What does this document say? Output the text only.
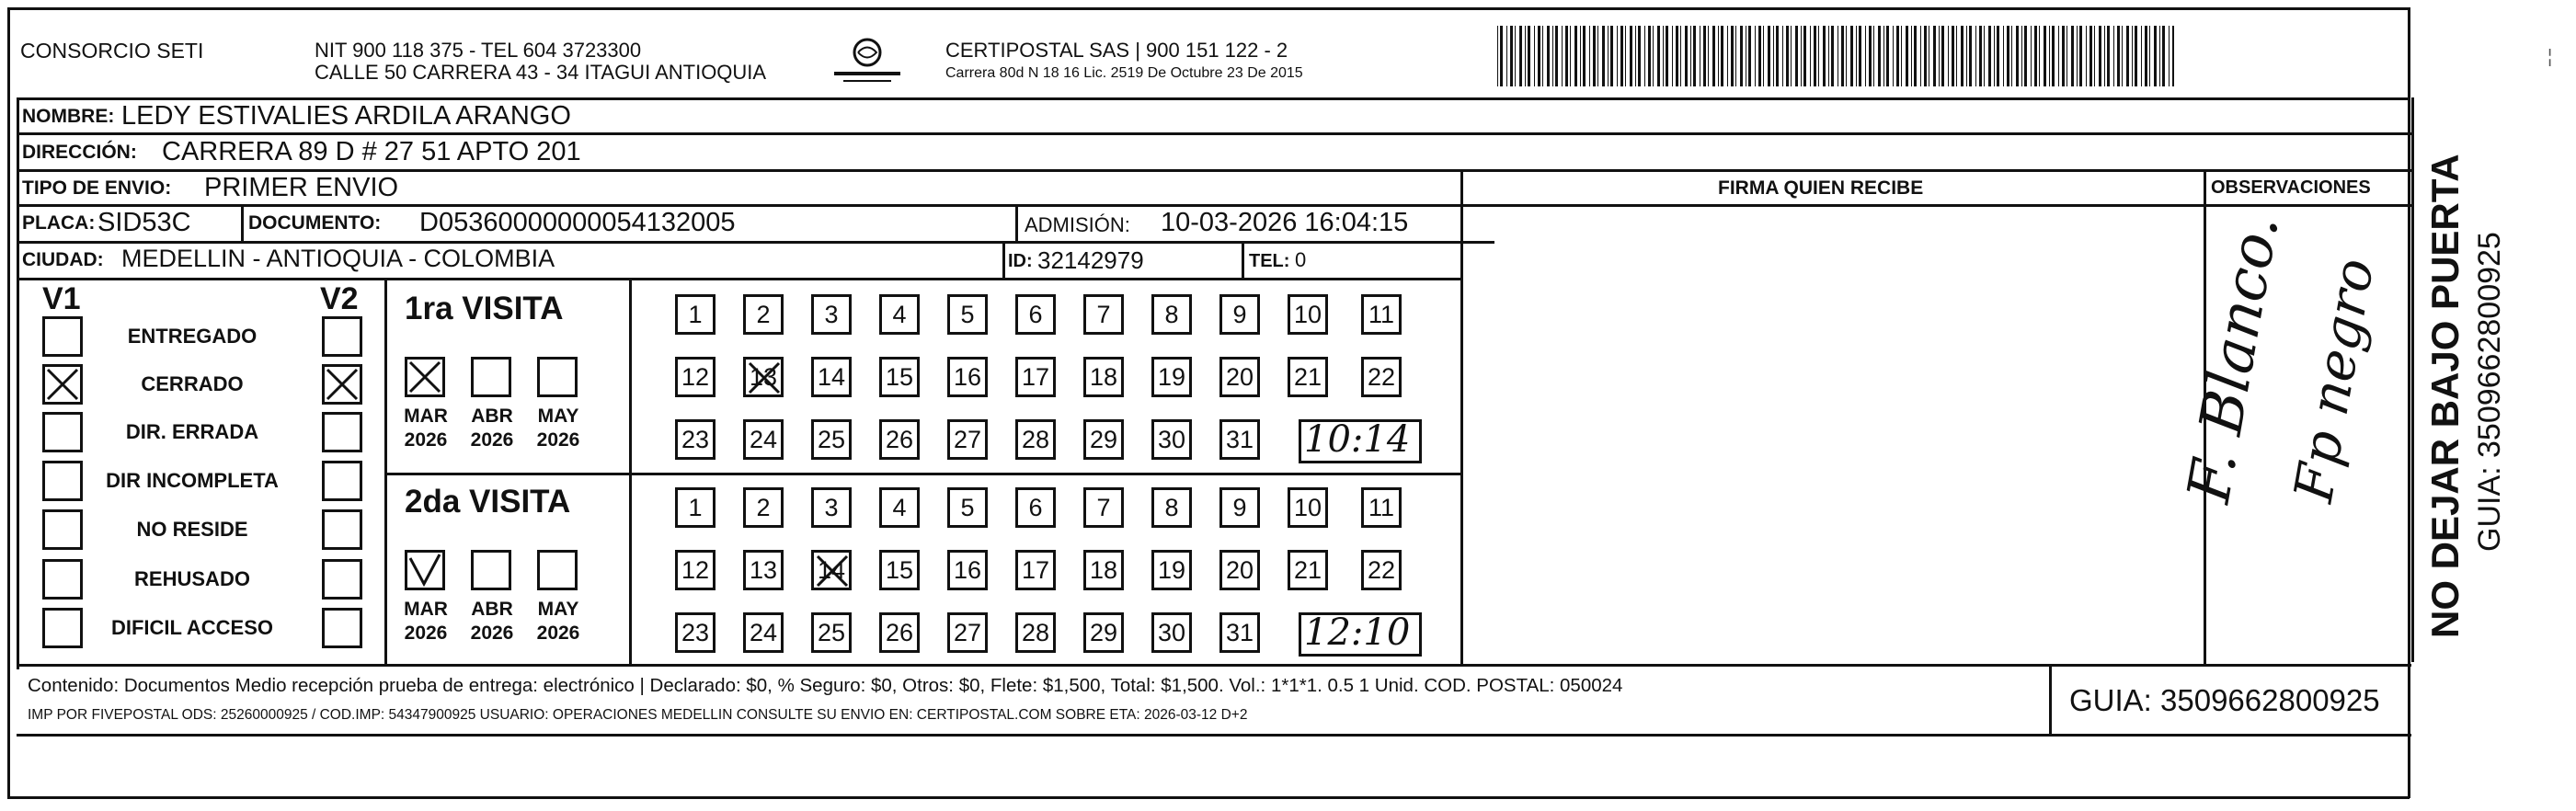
CONSORCIO SETI	NIT 900 118 375 - TEL 604 3723300
CALLE 50 CARRERA 43 - 34 ITAGUI ANTIOQUIA
CERTIPOSTAL SAS | 900 151 122 - 2
Carrera 80d N 18 16 Lic. 2519 De Octubre 23 De 2015
NOMBRE: LEDY ESTIVALIES ARDILA ARANGO
DIRECCIÓN: CARRERA 89 D # 27 51 APTO 201
TIPO DE ENVIO: PRIMER ENVIO	FIRMA QUIEN RECIBE	OBSERVACIONES
PLACA: SID53C	DOCUMENTO: D05360000000054132005	ADMISIÓN: 10-03-2026 16:04:15
CIUDAD: MEDELLIN - ANTIOQUIA - COLOMBIA	ID: 32142979	TEL: 0
V1	V2
ENTREGADO
CERRADO
DIR. ERRADA
DIR INCOMPLETA
NO RESIDE
REHUSADO
DIFICIL ACCESO
1ra VISITA
MAR
2026
ABR
2026
MAY
2026
1	2	3	4	5	6	7	8	9	10 11
12 13 14 15 16 17 18 19 20 21 22
23 24 25 26 27 28 29 30 31 10:14
2da VISITA
MAR
2026
ABR
2026
MAY
2026
1	2	3	4	5	6	7	8	9	10 11
12 13 14 15 16 17 18 19 20 21 22
23 24 25 26 27 28 29 30 31 12:10
F. Blanco.
Fp negro
Contenido: Documentos Medio recepción prueba de entrega: electrónico | Declarado: $0, % Seguro: $0, Otros: $0, Flete: $1,500, Total: $1,500. Vol.: 1*1*1. 0.5 1 Unid. COD. POSTAL: 050024
IMP POR FIVEPOSTAL ODS: 25260000925 / COD.IMP: 54347900925 USUARIO: OPERACIONES MEDELLIN CONSULTE SU ENVIO EN: CERTIPOSTAL.COM SOBRE ETA: 2026-03-12 D+2	GUIA: 3509662800925
NO DEJAR BAJO PUERTA GUIA: 3509662800925
¦
